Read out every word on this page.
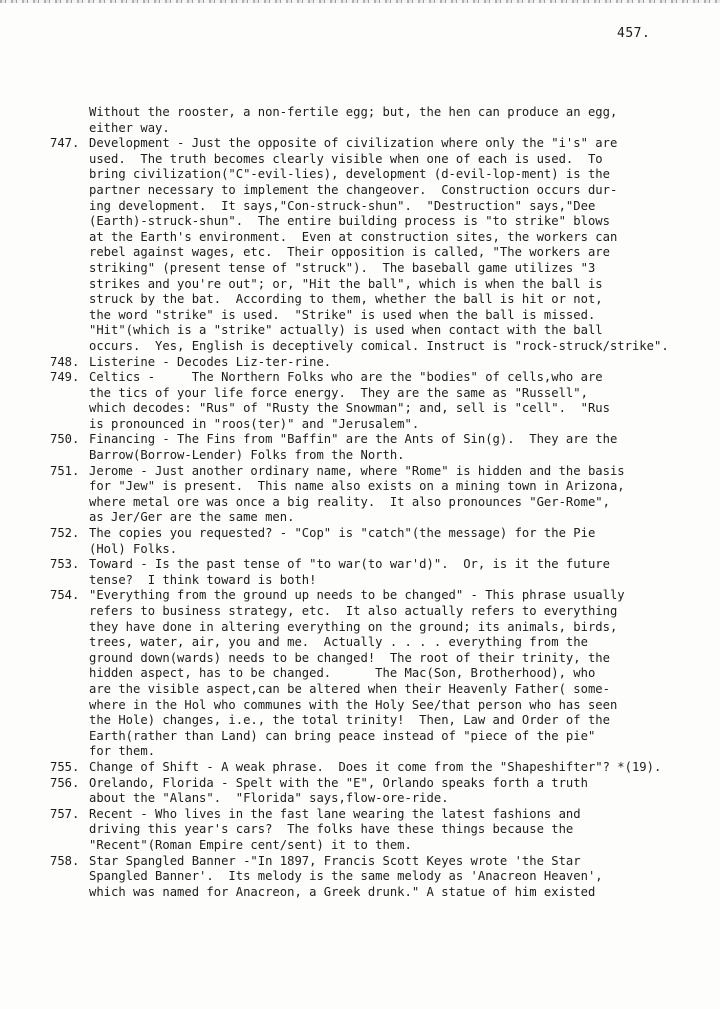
457.
Without the rooster, a non-fertile egg; but, the hen can produce an egg,
either way.
747. Development - Just the opposite of civilization where only the "i's" are
used.  The truth becomes clearly visible when one of each is used.  To
bring civilization("C"-evil-lies), development (d-evil-lop-ment) is the
partner necessary to implement the changeover.  Construction occurs dur-
ing development.  It says,"Con-struck-shun".  "Destruction" says,"Dee
(Earth)-struck-shun".  The entire building process is "to strike" blows
at the Earth's environment.  Even at construction sites, the workers can
rebel against wages, etc.  Their opposition is called, "The workers are
striking" (present tense of "struck").  The baseball game utilizes "3
strikes and you're out"; or, "Hit the ball", which is when the ball is
struck by the bat.  According to them, whether the ball is hit or not,
the word "strike" is used.  "Strike" is used when the ball is missed.
"Hit"(which is a "strike" actually) is used when contact with the ball
occurs.  Yes, English is deceptively comical. Instruct is "rock-struck/strike".
748. Listerine - Decodes Liz-ter-rine.
749. Celtics -     The Northern Folks who are the "bodies" of cells,who are
the tics of your life force energy.  They are the same as "Russell",
which decodes: "Rus" of "Rusty the Snowman"; and, sell is "cell".  "Rus
is pronounced in "roos(ter)" and "Jerusalem".
750. Financing - The Fins from "Baffin" are the Ants of Sin(g).  They are the
Barrow(Borrow-Lender) Folks from the North.
751. Jerome - Just another ordinary name, where "Rome" is hidden and the basis
for "Jew" is present.  This name also exists on a mining town in Arizona,
where metal ore was once a big reality.  It also pronounces "Ger-Rome",
as Jer/Ger are the same men.
752. The copies you requested? - "Cop" is "catch"(the message) for the Pie
(Hol) Folks.
753. Toward - Is the past tense of "to war(to war'd)".  Or, is it the future
tense?  I think toward is both!
754. "Everything from the ground up needs to be changed" - This phrase usually
refers to business strategy, etc.  It also actually refers to everything
they have done in altering everything on the ground; its animals, birds,
trees, water, air, you and me.  Actually . . . . everything from the
ground down(wards) needs to be changed!  The root of their trinity, the
hidden aspect, has to be changed.      The Mac(Son, Brotherhood), who
are the visible aspect,can be altered when their Heavenly Father( some-
where in the Hol who communes with the Holy See/that person who has seen
the Hole) changes, i.e., the total trinity!  Then, Law and Order of the
Earth(rather than Land) can bring peace instead of "piece of the pie"
for them.
755. Change of Shift - A weak phrase.  Does it come from the "Shapeshifter"? *(19).
756. Orelando, Florida - Spelt with the "E", Orlando speaks forth a truth
about the "Alans".  "Florida" says,flow-ore-ride.
757. Recent - Who lives in the fast lane wearing the latest fashions and
driving this year's cars?  The folks have these things because the
"Recent"(Roman Empire cent/sent) it to them.
758. Star Spangled Banner -"In 1897, Francis Scott Keyes wrote 'the Star
Spangled Banner'.  Its melody is the same melody as 'Anacreon Heaven',
which was named for Anacreon, a Greek drunk." A statue of him existed
